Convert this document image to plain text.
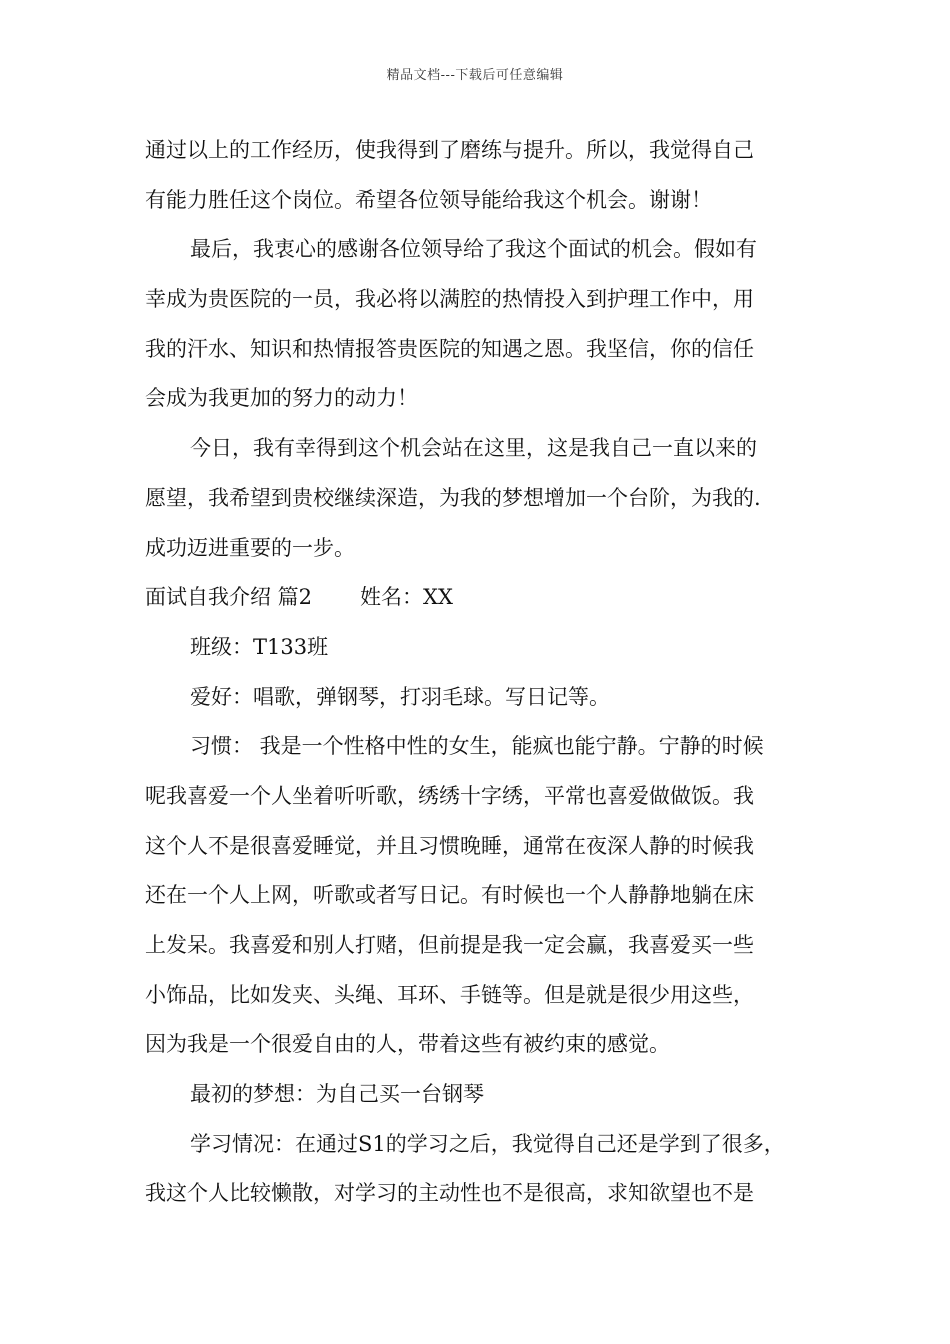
精品文档---下载后可任意编辑
通过以上的工作经历，使我得到了磨练与提升。所以，我觉得自己
有能力胜任这个岗位。希望各位领导能给我这个机会。谢谢！
最后，我衷心的感谢各位领导给了我这个面试的机会。假如有
幸成为贵医院的一员，我必将以满腔的热情投入到护理工作中，用
我的汗水、知识和热情报答贵医院的知遇之恩。我坚信，你的信任
会成为我更加的努力的动力！
今日，我有幸得到这个机会站在这里，这是我自己一直以来的
愿望，我希望到贵校继续深造，为我的梦想增加一个台阶，为我的.
成功迈进重要的一步。
面试自我介绍 篇2 姓名：XX
班级：T133班
爱好：唱歌，弹钢琴，打羽毛球。写日记等。
习惯： 我是一个性格中性的女生，能疯也能宁静。宁静的时候
呢我喜爱一个人坐着听听歌，绣绣十字绣，平常也喜爱做做饭。我
这个人不是很喜爱睡觉，并且习惯晚睡，通常在夜深人静的时候我
还在一个人上网，听歌或者写日记。有时候也一个人静静地躺在床
上发呆。我喜爱和别人打赌，但前提是我一定会赢，我喜爱买一些
小饰品，比如发夹、头绳、耳环、手链等。但是就是很少用这些，
因为我是一个很爱自由的人，带着这些有被约束的感觉。
最初的梦想：为自己买一台钢琴
学习情况：在通过S1的学习之后，我觉得自己还是学到了很多，
我这个人比较懒散，对学习的主动性也不是很高，求知欲望也不是
